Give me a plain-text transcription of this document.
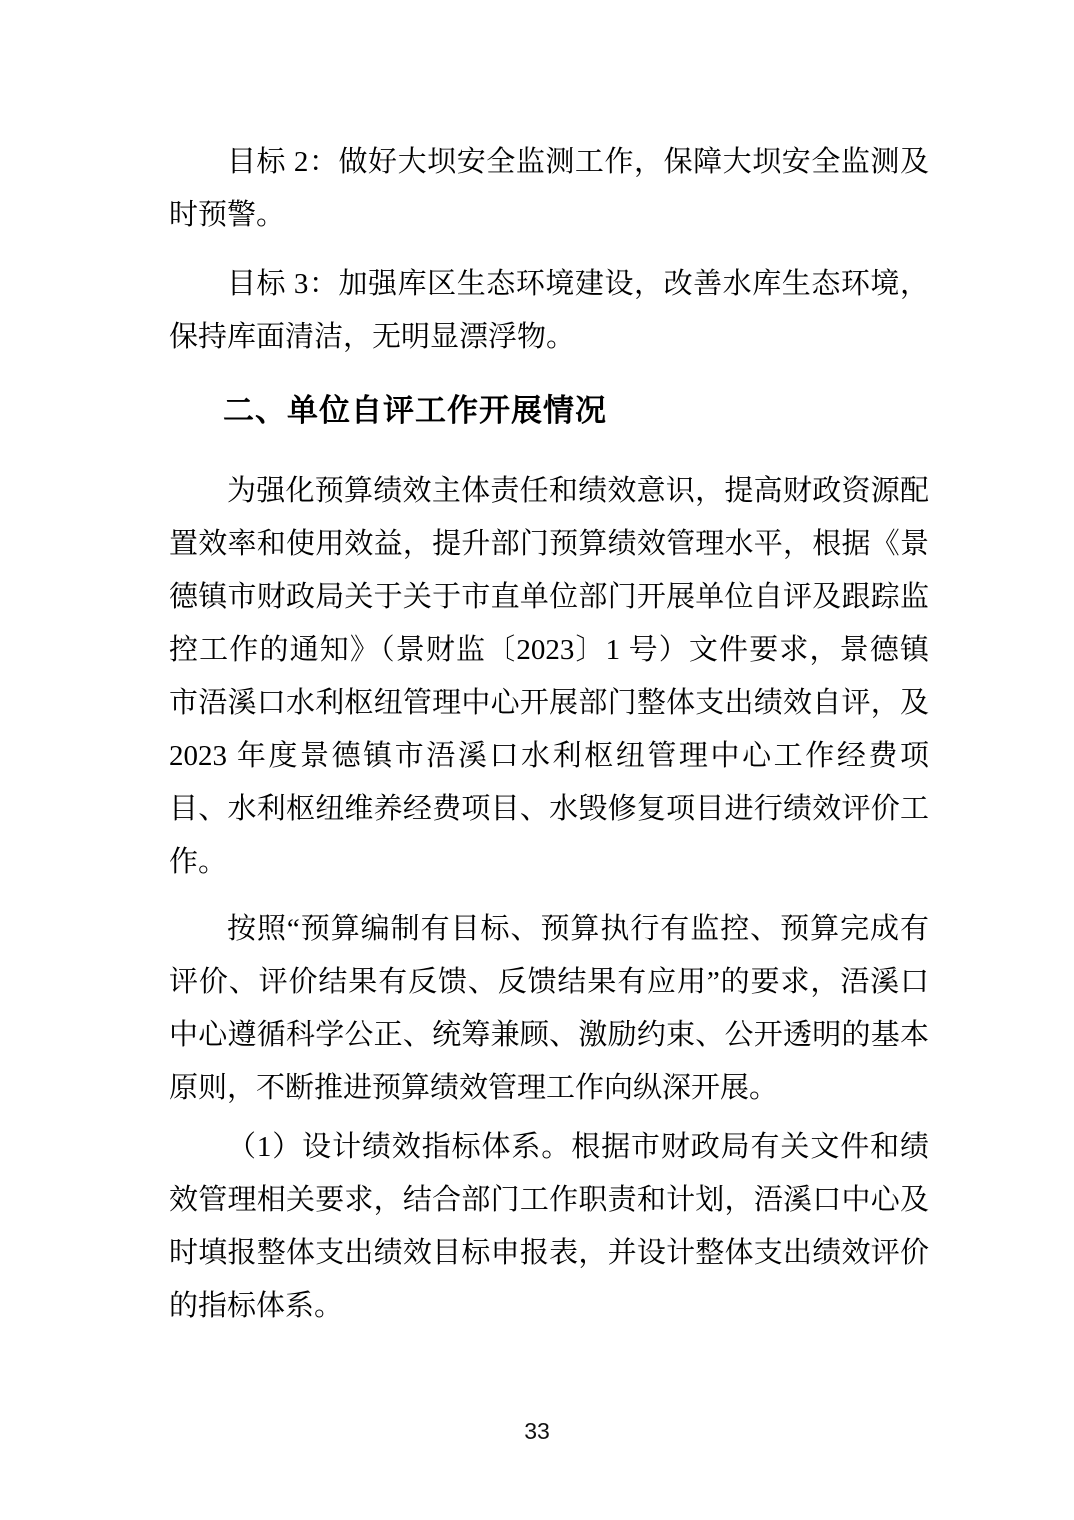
目标 2：做好大坝安全监测工作，保障大坝安全监测及时预警。

目标 3：加强库区生态环境建设，改善水库生态环境，保持库面清洁，无明显漂浮物。

二、单位自评工作开展情况

为强化预算绩效主体责任和绩效意识，提高财政资源配置效率和使用效益，提升部门预算绩效管理水平，根据《景德镇市财政局关于关于市直单位部门开展单位自评及跟踪监控工作的通知》（景财监〔2023〕1 号）文件要求，景德镇市浯溪口水利枢纽管理中心开展部门整体支出绩效自评，及 2023 年度景德镇市浯溪口水利枢纽管理中心工作经费项目、水利枢纽维养经费项目、水毁修复项目进行绩效评价工作。

按照“预算编制有目标、预算执行有监控、预算完成有评价、评价结果有反馈、反馈结果有应用”的要求，浯溪口中心遵循科学公正、统筹兼顾、激励约束、公开透明的基本原则，不断推进预算绩效管理工作向纵深开展。

（1）设计绩效指标体系。根据市财政局有关文件和绩效管理相关要求，结合部门工作职责和计划，浯溪口中心及时填报整体支出绩效目标申报表，并设计整体支出绩效评价的指标体系。

33
